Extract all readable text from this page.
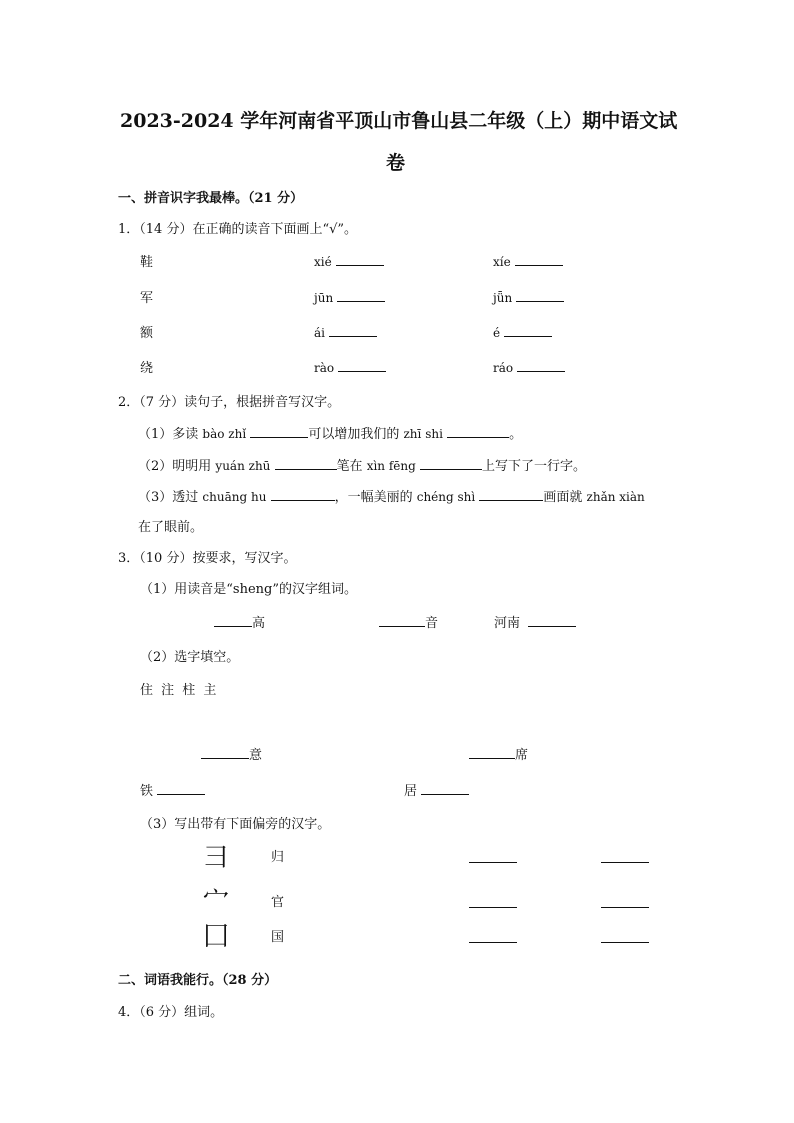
2023-2024 学年河南省平顶山市鲁山县二年级（上）期中语文试
卷
一、拼音识字我最棒。（21 分）
1．（14 分）在正确的读音下面画上“√”。
鞋	xié	xíe
军	jūn	jǖn
额	ái	é
绕	rào	ráo
2．（7 分）读句子，根据拼音写汉字。
（1）多读 bào zhǐ	可以增加我们的 zhī shi	。
（2）明明用 yuán zhū	笔在 xìn fēng	上写下了一行字。
（3）透过 chuāng hu	，一幅美丽的 chéng shì	画面就 zhǎn xiàn
在了眼前。
3．（10 分）按要求，写汉字。
（1）用读音是“sheng”的汉字组词。
高	音	河南
（2）选字填空。
住 注 柱 主
意	席
铁	居
（3）写出带有下面偏旁的汉字。
彐	归
宀	官
囗	国
二、词语我能行。（28 分）
4．（6 分）组词。
